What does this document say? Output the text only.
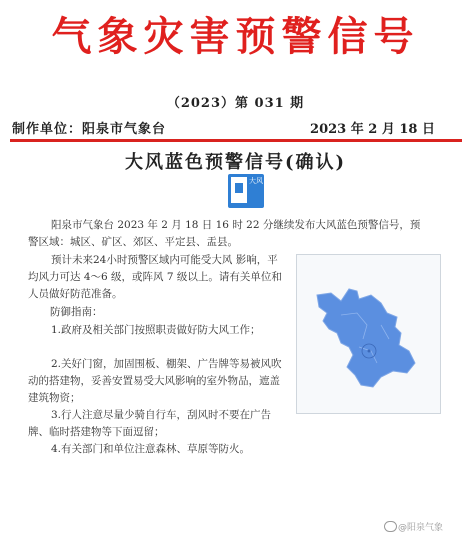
气象灾害预警信号
（2023）第 031 期
制作单位：阳泉市气象台	2023 年 2 月 18 日
大风蓝色预警信号(确认)
大风
阳泉市气象台 2023 年 2 月 18 日 16 时 22 分继续发布大风蓝色预警信号，预警区域：城区、矿区、郊区、平定县、盂县。
预计未来24小时预警区域内可能受大风 影响，平均风力可达 4～6 级，或阵风 7 级以上。请有关单位和人员做好防范准备。
防御指南：
1.政府及相关部门按照职责做好防大风工作；
2.关好门窗，加固围板、棚架、广告牌等易被风吹动的搭建物，妥善安置易受大风影响的室外物品，遮盖建筑物资；
3.行人注意尽量少骑自行车，刮风时不要在广告牌、临时搭建物等下面逗留；
4.有关部门和单位注意森林、草原等防火。
@阳泉气象
